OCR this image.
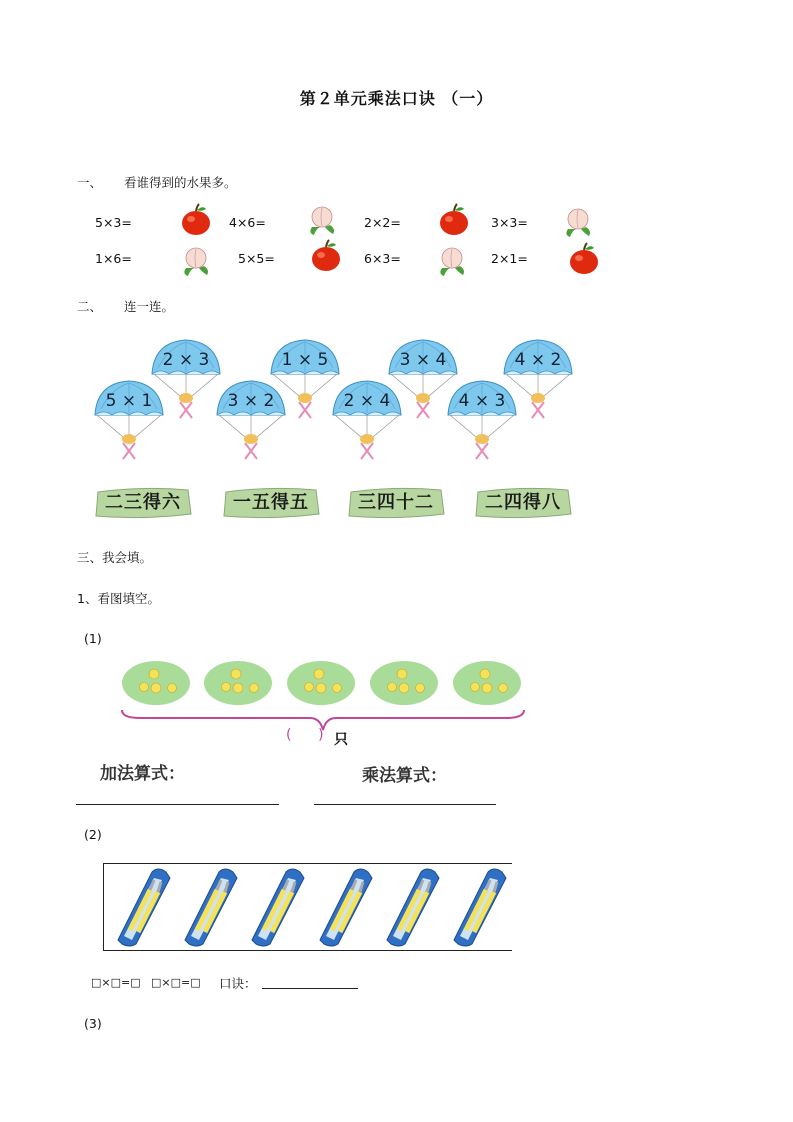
第２单元乘法口诀 （一）
一、 看谁得到的水果多。
5×3=	4×6=	2×2=	3×3=
1×6=	5×5=	6×3=	2×1=
二、 连一连。
2 × 3	1 × 5	3 × 4	4 × 2
5 × 1	3 × 2	2 × 4	4 × 3
二三得六	一五得五	三四十二	二四得八
三、我会填。
1、看图填空。
(1)
(      ) 只
加法算式：	乘法算式：
(2)
□×□=□ □×□=□ 口诀：
(3)
